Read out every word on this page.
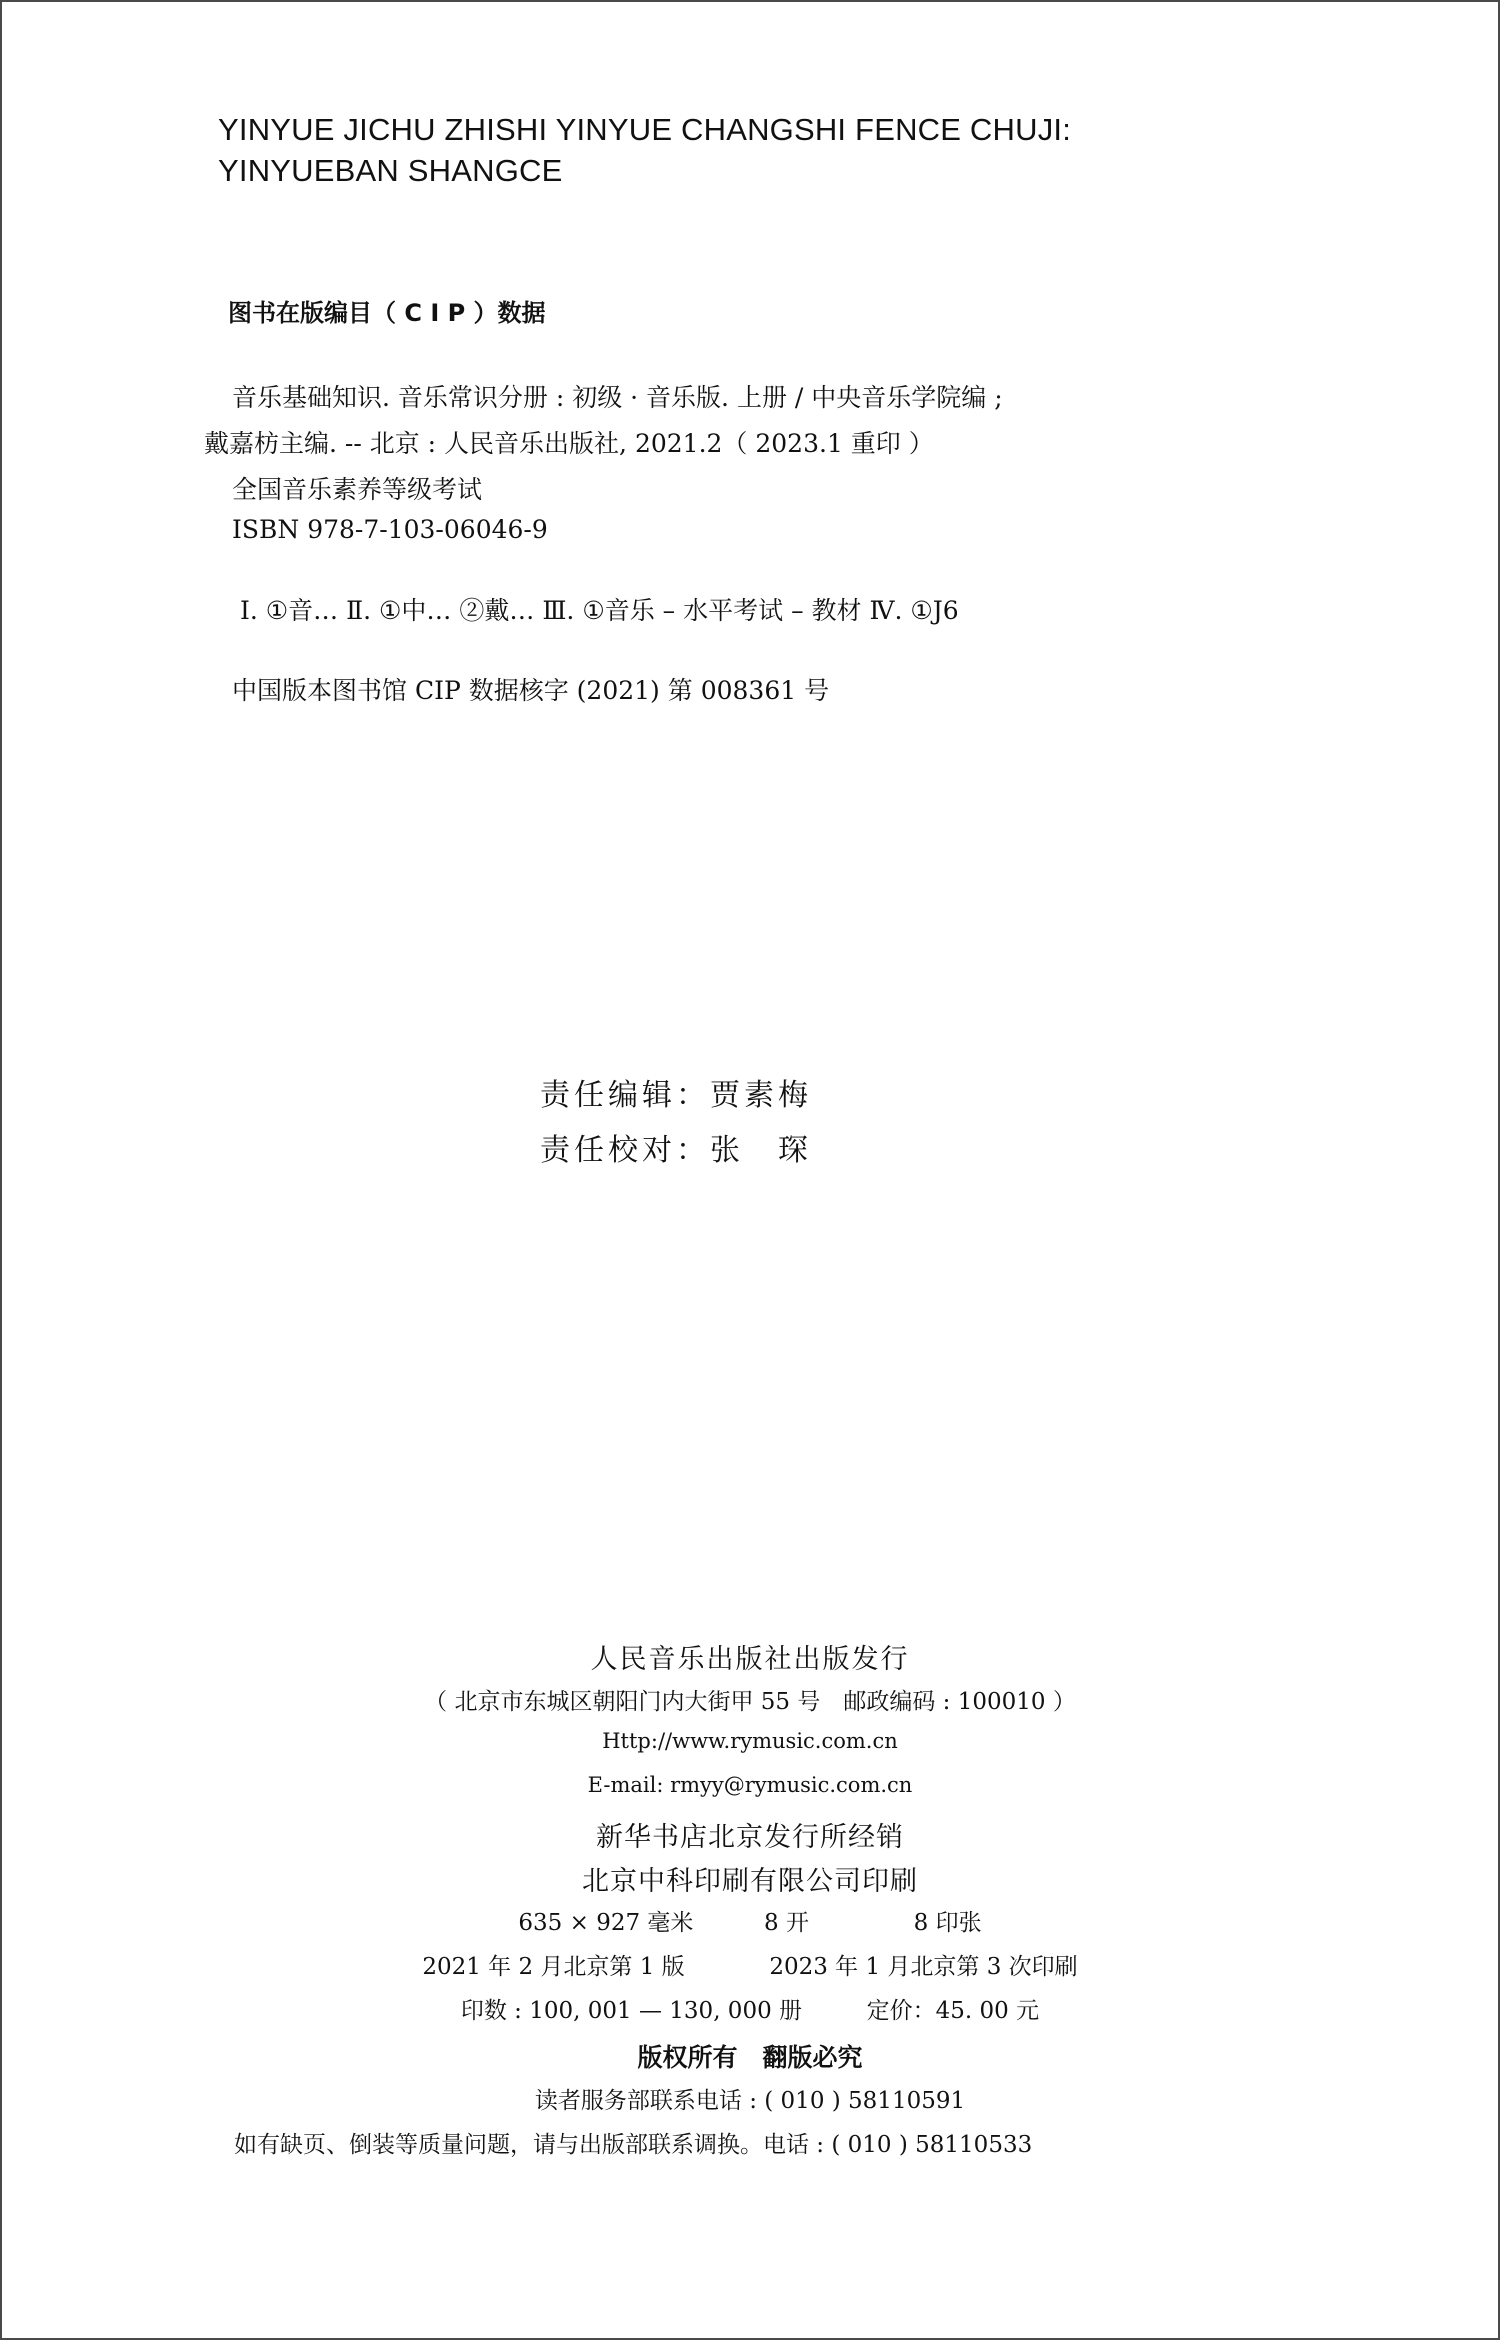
YINYUE JICHU ZHISHI YINYUE CHANGSHI FENCE CHUJI:
YINYUEBAN SHANGCE
图书在版编目（ C I P ）数据
音乐基础知识. 音乐常识分册 : 初级 · 音乐版. 上册 / 中央音乐学院编 ;
戴嘉枋主编. -- 北京 : 人民音乐出版社, 2021.2（ 2023.1 重印 ）
全国音乐素养等级考试
ISBN 978-7-103-06046-9
Ⅰ. ①音… Ⅱ. ①中… ②戴… Ⅲ. ①音乐 – 水平考试 – 教材 Ⅳ. ①J6
中国版本图书馆 CIP 数据核字 (2021) 第 008361 号
责任编辑：贾素梅
责任校对：张　琛
人民音乐出版社出版发行
（ 北京市东城区朝阳门内大街甲 55 号　邮政编码 : 100010 ）
Http://www.rymusic.com.cn
E-mail: rmyy@rymusic.com.cn
新华书店北京发行所经销
北京中科印刷有限公司印刷
635 × 927 毫米	8 开	8 印张
2021 年 2 月北京第 1 版	2023 年 1 月北京第 3 次印刷
印数 : 100, 001 — 130, 000 册	定价：45. 00 元
版权所有　翻版必究
读者服务部联系电话 : ( 010 ) 58110591
如有缺页、倒装等质量问题，请与出版部联系调换。电话 : ( 010 ) 58110533
